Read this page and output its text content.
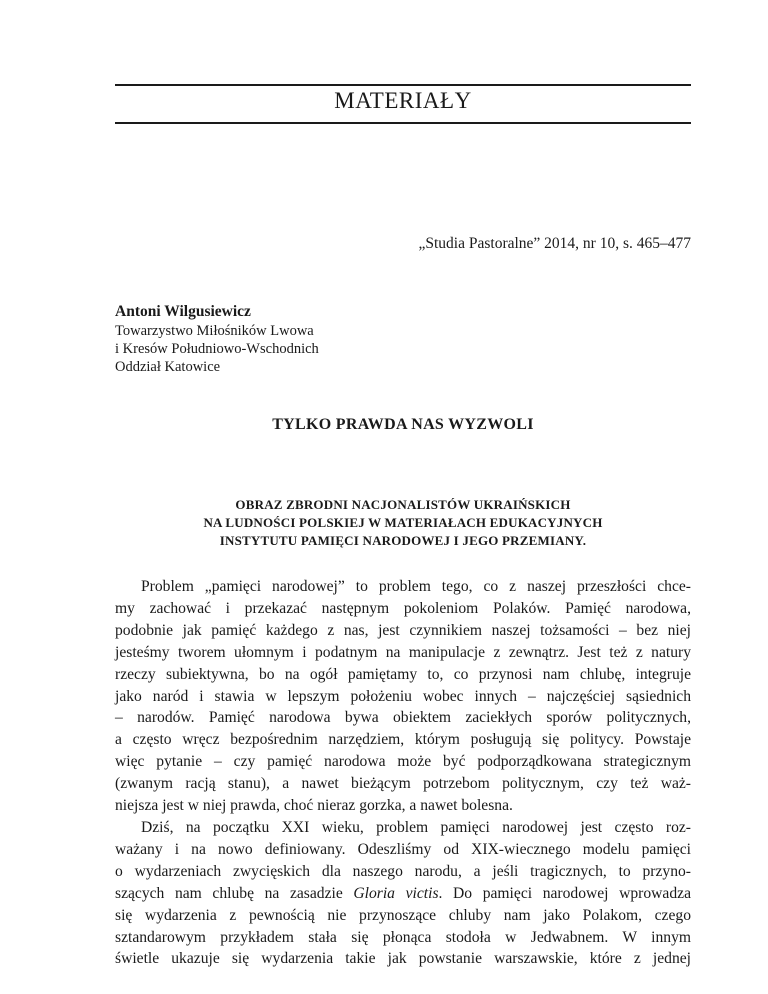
MATERIAŁY
„Studia Pastoralne” 2014, nr 10, s. 465–477
Antoni Wilgusiewicz
Towarzystwo Miłośników Lwowa
i Kresów Południowo-Wschodnich
Oddział Katowice
TYLKO PRAWDA NAS WYZWOLI
OBRAZ ZBRODNI NACJONALISTÓW UKRAIŃSKICH
NA LUDNOŚCI POLSKIEJ W MATERIAŁACH EDUKACYJNYCH
INSTYTUTU PAMIĘCI NARODOWEJ I JEGO PRZEMIANY.
Problem „pamięci narodowej” to problem tego, co z naszej przeszłości chce-
my zachować i przekazać następnym pokoleniom Polaków. Pamięć narodowa,
podobnie jak pamięć każdego z nas, jest czynnikiem naszej tożsamości – bez niej
jesteśmy tworem ułomnym i podatnym na manipulacje z zewnątrz. Jest też z natury
rzeczy subiektywna, bo na ogół pamiętamy to, co przynosi nam chlubę, integruje
jako naród i stawia w lepszym położeniu wobec innych – najczęściej sąsiednich
– narodów. Pamięć narodowa bywa obiektem zaciekłych sporów politycznych,
a często wręcz bezpośrednim narzędziem, którym posługują się politycy. Powstaje
więc pytanie – czy pamięć narodowa może być podporządkowana strategicznym
(zwanym racją stanu), a nawet bieżącym potrzebom politycznym, czy też waż-
niejsza jest w niej prawda, choć nieraz gorzka, a nawet bolesna.
Dziś, na początku XXI wieku, problem pamięci narodowej jest często roz-
ważany i na nowo definiowany. Odeszliśmy od XIX-wiecznego modelu pamięci
o wydarzeniach zwycięskich dla naszego narodu, a jeśli tragicznych, to przyno-
szących nam chlubę na zasadzie Gloria victis. Do pamięci narodowej wprowadza
się wydarzenia z pewnością nie przynoszące chluby nam jako Polakom, czego
sztandarowym przykładem stała się płonąca stodoła w Jedwabnem. W innym
świetle ukazuje się wydarzenia takie jak powstanie warszawskie, które z jednej
